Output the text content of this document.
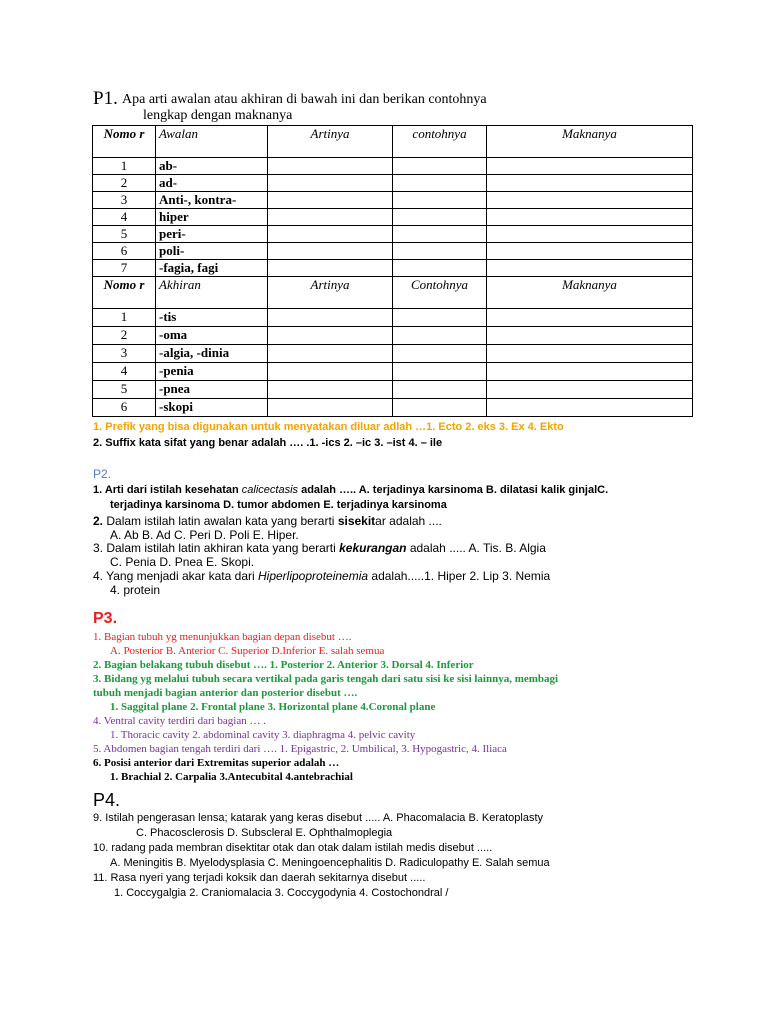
P1. Apa arti awalan atau akhiran di bawah ini dan berikan contohnya
lengkap dengan maknanya
Nomo r	Awalan	Artinya	contohnya	Maknanya
1	ab-			
2	ad-			
3	Anti-, kontra-			
4	hiper			
5	peri-			
6	poli-			
7	-fagia, fagi			
Nomo r	Akhiran	Artinya	Contohnya	Maknanya
1	-tis			
2	-oma			
3	-algia, -dinia			
4	-penia			
5	-pnea			
6	-skopi			
1. Prefik yang bisa digunakan untuk menyatakan diluar adlah …1. Ecto 2. eks 3. Ex 4. Ekto
2. Suffix kata sifat yang benar adalah …. .1. -ics 2. –ic 3. –ist 4. – ile
P2.
1. Arti dari istilah kesehatan calicectasis adalah ….. A. terjadinya karsinoma B. dilatasi kalik ginjalC.
terjadinya karsinoma D. tumor abdomen E. terjadinya karsinoma
2. Dalam istilah latin awalan kata yang berarti sisekitar adalah ....
A. Ab B. Ad C. Peri D. Poli E. Hiper.
3. Dalam istilah latin akhiran kata yang berarti kekurangan adalah ..... A. Tis. B. Algia
C. Penia D. Pnea E. Skopi.
4. Yang menjadi akar kata dari Hiperlipoproteinemia adalah.....1. Hiper 2. Lip 3. Nemia
4. protein
P3.
1. Bagian tubuh yg menunjukkan bagian depan disebut ….
A. Posterior B. Anterior C. Superior D.Inferior E. salah semua
2. Bagian belakang tubuh disebut …. 1. Posterior 2. Anterior 3. Dorsal 4. Inferior
3. Bidang yg melalui tubuh secara vertikal pada garis tengah dari satu sisi ke sisi lainnya, membagi
tubuh menjadi bagian anterior dan posterior disebut ….
1. Saggital plane 2. Frontal plane 3. Horizontal plane 4.Coronal plane
4. Ventral cavity terdiri dari bagian … .
1. Thoracic cavity 2. abdominal cavity 3. diaphragma 4. pelvic cavity
5. Abdomen bagian tengah terdiri dari …. 1. Epigastric, 2. Umbilical, 3. Hypogastric, 4. Iliaca
6. Posisi anterior dari Extremitas superior adalah …
1. Brachial 2. Carpalia 3.Antecubital 4.antebrachial
P4.
9. Istilah pengerasan lensa; katarak yang keras disebut ..... A. Phacomalacia B. Keratoplasty
C. Phacosclerosis D. Subscleral E. Ophthalmoplegia
10. radang pada membran disektitar otak dan otak dalam istilah medis disebut .....
A. Meningitis B. Myelodysplasia C. Meningoencephalitis D. Radiculopathy E. Salah semua
11. Rasa nyeri yang terjadi koksik dan daerah sekitarnya disebut .....
1. Coccygalgia 2. Craniomalacia 3. Coccygodynia 4. Costochondral /
